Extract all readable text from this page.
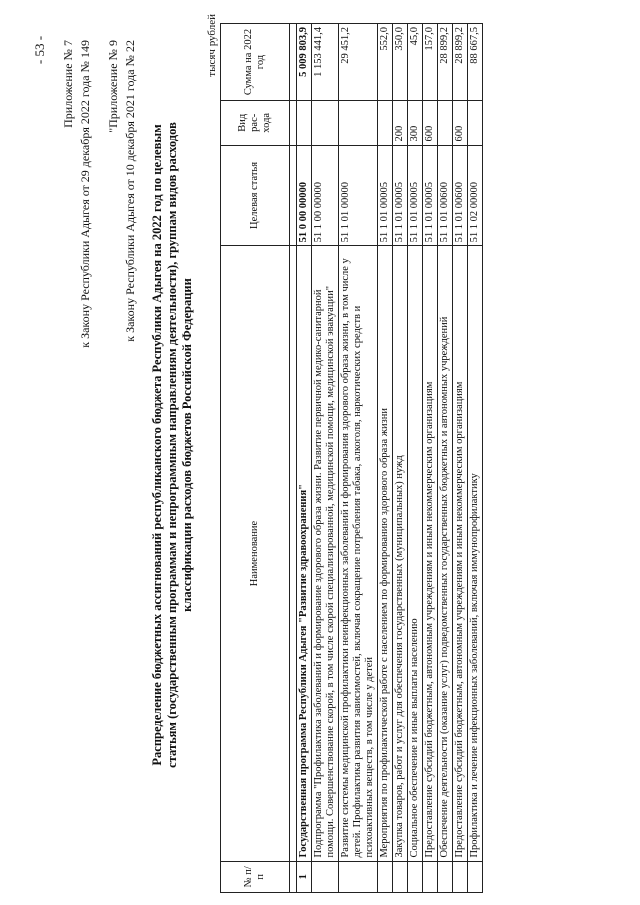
- 53 - Приложение № 7 к Закону Республики Адыгея от 29 декабря 2022 года № 149 "Приложение № 9 к Закону Республики Адыгея от 10 декабря 2021 года № 22 Распределение бюджетных ассигнований республиканского бюджета Республики Адыгея на 2022 год по целевым статьям (государственным программам и непрограммным направлениям деятельности), группам видов расходов классификации расходов бюджетов Российской Федерации
тысяч рублей
№ п/п	Наименование	Целевая статья	Вид рас-хода	Сумма на 2022 год

1	Государственная программа Республики Адыгея "Развитие здравоохранения"	51 0 00 00000		5 009 803,9
	Подпрограмма "Профилактика заболеваний и формирование здорового образа жизни. Развитие первичной медико-санитарной помощи. Совершенствование скорой, в том числе скорой специализированной, медицинской помощи, медицинской эвакуации"	51 1 00 00000		1 153 441,4
	Развитие системы медицинской профилактики неинфекционных заболеваний и формирования здорового образа жизни, в том числе у детей. Профилактика развития зависимостей, включая сокращение потребления табака, алкоголя, наркотических средств и психоактивных веществ, в том числе у детей	51 1 01 00000		29 451,2
	Мероприятия по профилактической работе с населением по формированию здорового образа жизни	51 1 01 00005		552,0
	Закупка товаров, работ и услуг для обеспечения государственных (муниципальных) нужд	51 1 01 00005	200	350,0
	Социальное обеспечение и иные выплаты населению	51 1 01 00005	300	45,0
	Предоставление субсидий бюджетным, автономным учреждениям и иным некоммерческим организациям	51 1 01 00005	600	157,0
	Обеспечение деятельности (оказание услуг) подведомственных государственных бюджетных и автономных учреждений	51 1 01 00600		28 899,2
	Предоставление субсидий бюджетным, автономным учреждениям и иным некоммерческим организациям	51 1 01 00600	600	28 899,2
	Профилактика и лечение инфекционных заболеваний, включая иммунопрофилактику	51 1 02 00000		88 667,5
